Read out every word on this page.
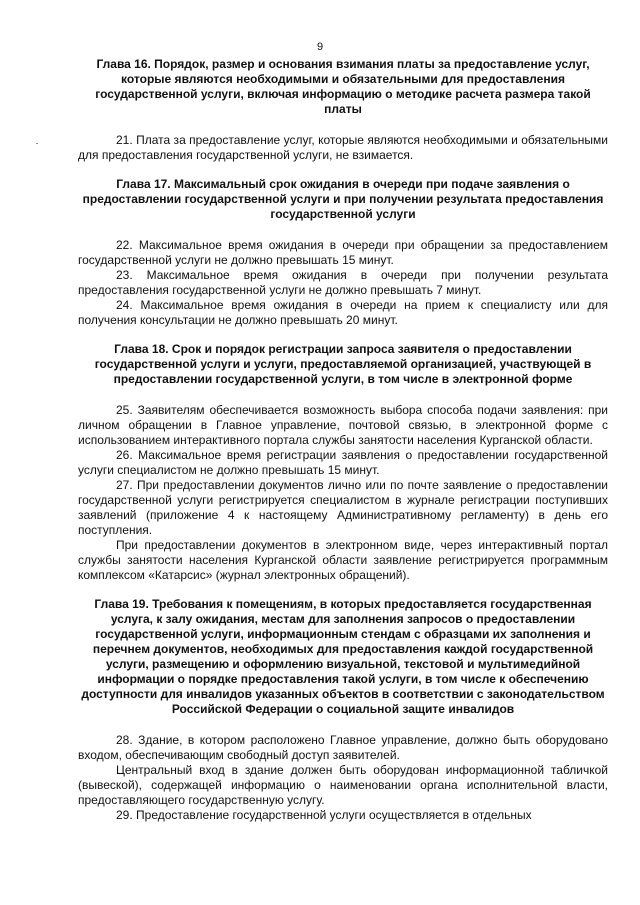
9
Глава 16. Порядок, размер и основания взимания платы за предоставление услуг, которые являются необходимыми и обязательными для предоставления государственной услуги, включая информацию о методике расчета размера такой платы

21. Плата за предоставление услуг, которые являются необходимыми и обязательными для предоставления государственной услуги, не взимается.

Глава 17. Максимальный срок ожидания в очереди при подаче заявления о предоставлении государственной услуги и при получении результата предоставления государственной услуги

22. Максимальное время ожидания в очереди при обращении за предоставлением государственной услуги не должно превышать 15 минут.

23. Максимальное время ожидания в очереди при получении результата предоставления государственной услуги не должно превышать 7 минут.

24. Максимальное время ожидания в очереди на прием к специалисту или для получения консультации не должно превышать 20 минут.

Глава 18. Срок и порядок регистрации запроса заявителя о предоставлении государственной услуги и услуги, предоставляемой организацией, участвующей в предоставлении государственной услуги, в том числе в электронной форме

25. Заявителям обеспечивается возможность выбора способа подачи заявления: при личном обращении в Главное управление, почтовой связью, в электронной форме с использованием интерактивного портала службы занятости населения Курганской области.

26. Максимальное время регистрации заявления о предоставлении государственной услуги специалистом не должно превышать 15 минут.

27. При предоставлении документов лично или по почте заявление о предоставлении государственной услуги регистрируется специалистом в журнале регистрации поступивших заявлений (приложение 4 к настоящему Административному регламенту) в день его поступления.

При предоставлении документов в электронном виде, через интерактивный портал службы занятости населения Курганской области заявление регистрируется программным комплексом «Катарсис» (журнал электронных обращений).

Глава 19. Требования к помещениям, в которых предоставляется государственная услуга, к залу ожидания, местам для заполнения запросов о предоставлении государственной услуги, информационным стендам с образцами их заполнения и перечнем документов, необходимых для предоставления каждой государственной услуги, размещению и оформлению визуальной, текстовой и мультимедийной информации о порядке предоставления такой услуги, в том числе к обеспечению доступности для инвалидов указанных объектов в соответствии с законодательством Российской Федерации о социальной защите инвалидов

28. Здание, в котором расположено Главное управление, должно быть оборудовано входом, обеспечивающим свободный доступ заявителей.

Центральный вход в здание должен быть оборудован информационной табличкой (вывеской), содержащей информацию о наименовании органа исполнительной власти, предоставляющего государственную услугу.

29. Предоставление государственной услуги осуществляется в отдельных
